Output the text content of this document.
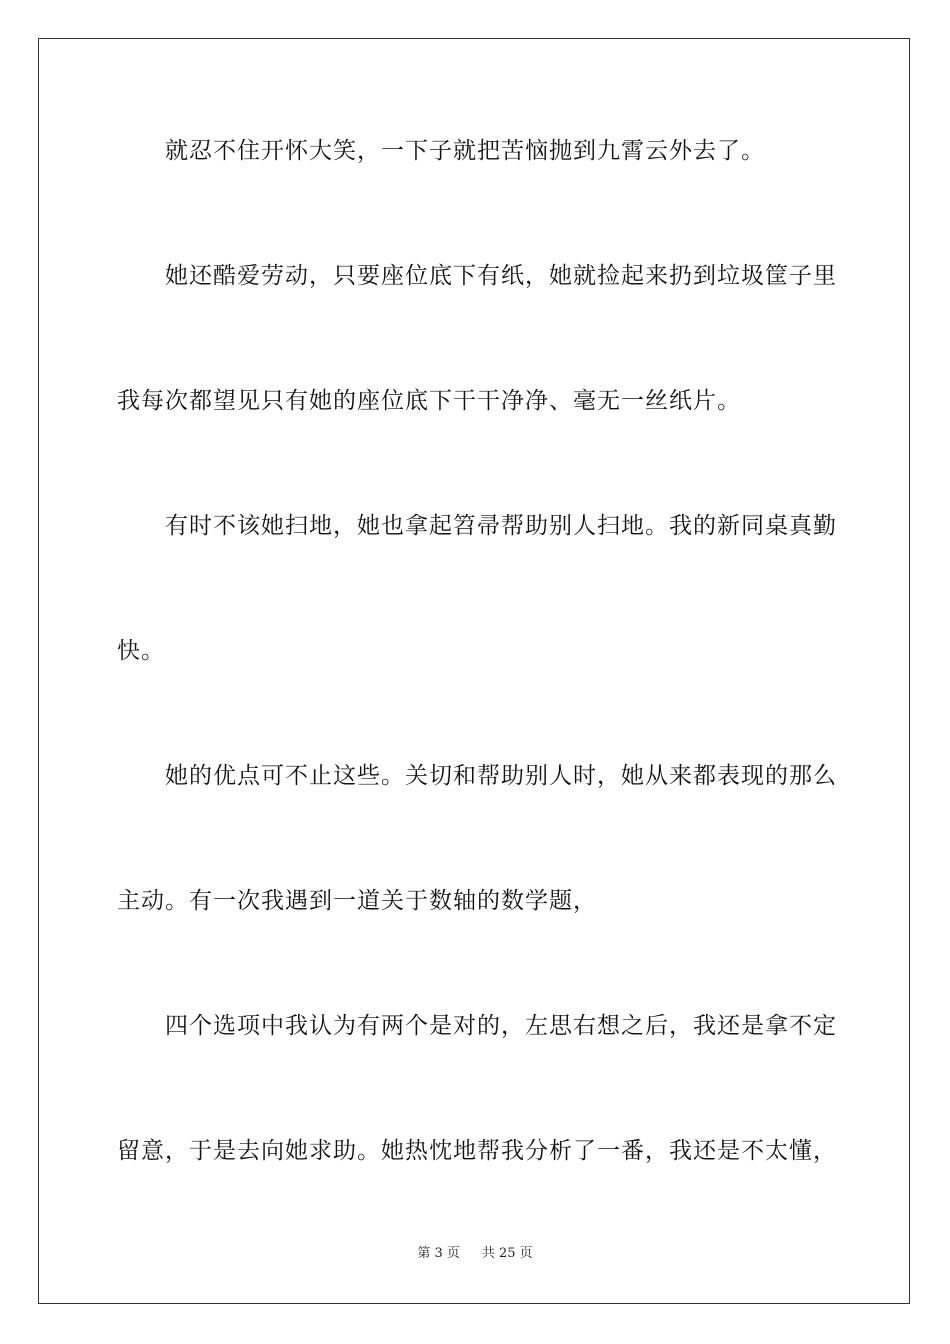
就忍不住开怀大笑，一下子就把苦恼抛到九霄云外去了。
她还酷爱劳动，只要座位底下有纸，她就捡起来扔到垃圾筐子里
我每次都望见只有她的座位底下干干净净、毫无一丝纸片。
有时不该她扫地，她也拿起笤帚帮助别人扫地。我的新同桌真勤
快。
她的优点可不止这些。关切和帮助别人时，她从来都表现的那么
主动。有一次我遇到一道关于数轴的数学题，
四个选项中我认为有两个是对的，左思右想之后，我还是拿不定
留意，于是去向她求助。她热忱地帮我分析了一番，我还是不太懂，
第 3 页 共 25 页
